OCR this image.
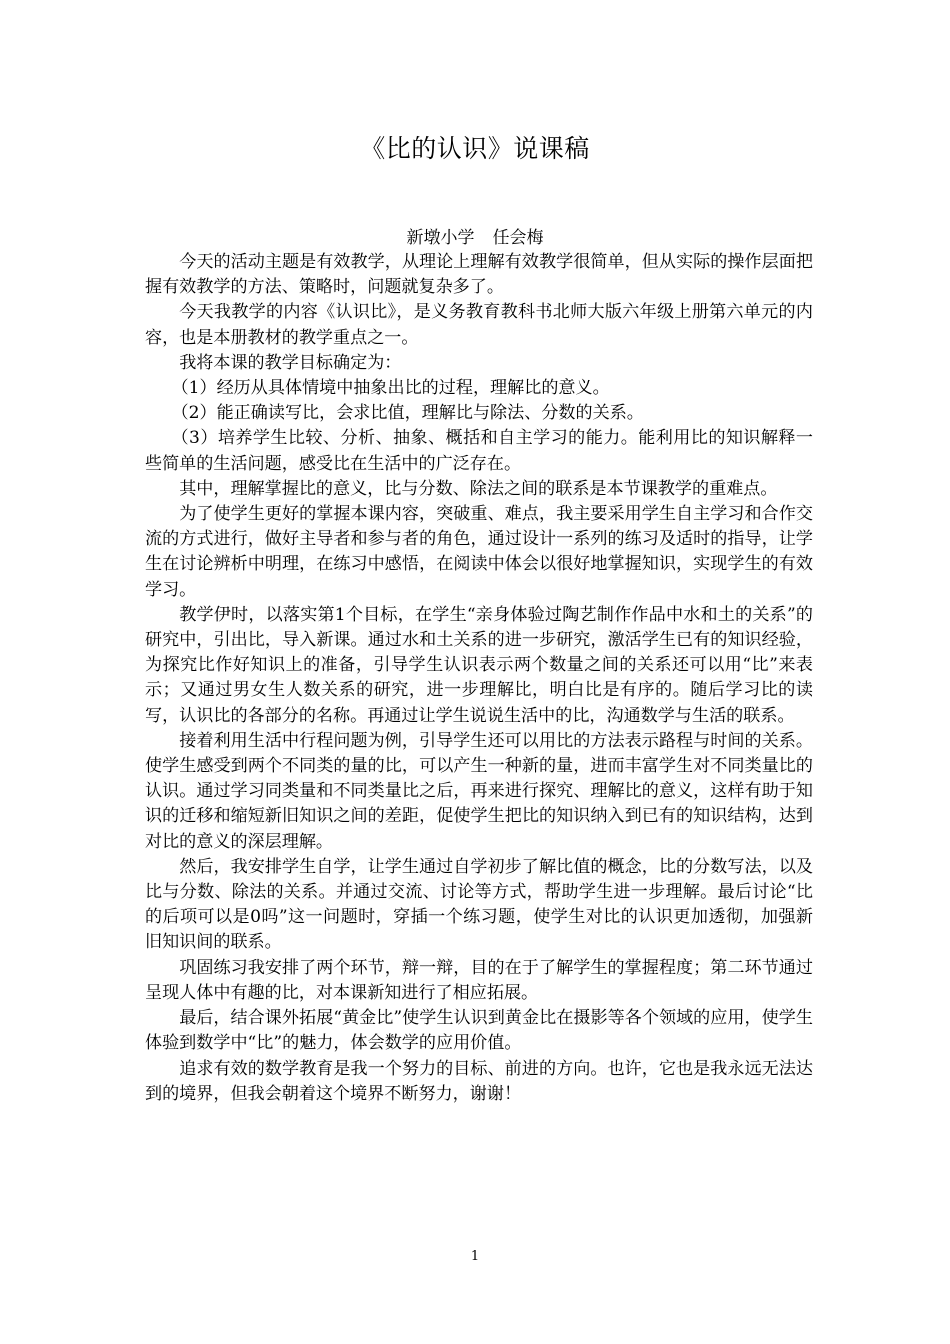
《比的认识》说课稿
新墩小学 任会梅

今天的活动主题是有效教学，从理论上理解有效教学很简单，但从实际的操作层面把握有效教学的方法、策略时，问题就复杂多了。

今天我教学的内容《认识比》，是义务教育教科书北师大版六年级上册第六单元的内容，也是本册教材的教学重点之一。

我将本课的教学目标确定为：

（1）经历从具体情境中抽象出比的过程，理解比的意义。

（2）能正确读写比，会求比值，理解比与除法、分数的关系。

（3）培养学生比较、分析、抽象、概括和自主学习的能力。能利用比的知识解释一些简单的生活问题，感受比在生活中的广泛存在。

其中，理解掌握比的意义，比与分数、除法之间的联系是本节课教学的重难点。

为了使学生更好的掌握本课内容，突破重、难点，我主要采用学生自主学习和合作交流的方式进行，做好主导者和参与者的角色，通过设计一系列的练习及适时的指导，让学生在讨论辨析中明理，在练习中感悟，在阅读中体会以很好地掌握知识，实现学生的有效学习。

教学伊时，以落实第1个目标，在学生“亲身体验过陶艺制作作品中水和土的关系”的研究中，引出比，导入新课。通过水和土关系的进一步研究，激活学生已有的知识经验，为探究比作好知识上的准备，引导学生认识表示两个数量之间的关系还可以用“比”来表示；又通过男女生人数关系的研究，进一步理解比，明白比是有序的。随后学习比的读写，认识比的各部分的名称。再通过让学生说说生活中的比，沟通数学与生活的联系。

接着利用生活中行程问题为例，引导学生还可以用比的方法表示路程与时间的关系。使学生感受到两个不同类的量的比，可以产生一种新的量，进而丰富学生对不同类量比的认识。通过学习同类量和不同类量比之后，再来进行探究、理解比的意义，这样有助于知识的迁移和缩短新旧知识之间的差距，促使学生把比的知识纳入到已有的知识结构，达到对比的意义的深层理解。

然后，我安排学生自学，让学生通过自学初步了解比值的概念，比的分数写法，以及比与分数、除法的关系。并通过交流、讨论等方式，帮助学生进一步理解。最后讨论“比的后项可以是0吗”这一问题时，穿插一个练习题，使学生对比的认识更加透彻，加强新旧知识间的联系。

巩固练习我安排了两个环节，辩一辩，目的在于了解学生的掌握程度；第二环节通过呈现人体中有趣的比，对本课新知进行了相应拓展。

最后，结合课外拓展“黄金比”使学生认识到黄金比在摄影等各个领域的应用，使学生体验到数学中“比”的魅力，体会数学的应用价值。

追求有效的数学教育是我一个努力的目标、前进的方向。也许，它也是我永远无法达到的境界，但我会朝着这个境界不断努力，谢谢！

1
